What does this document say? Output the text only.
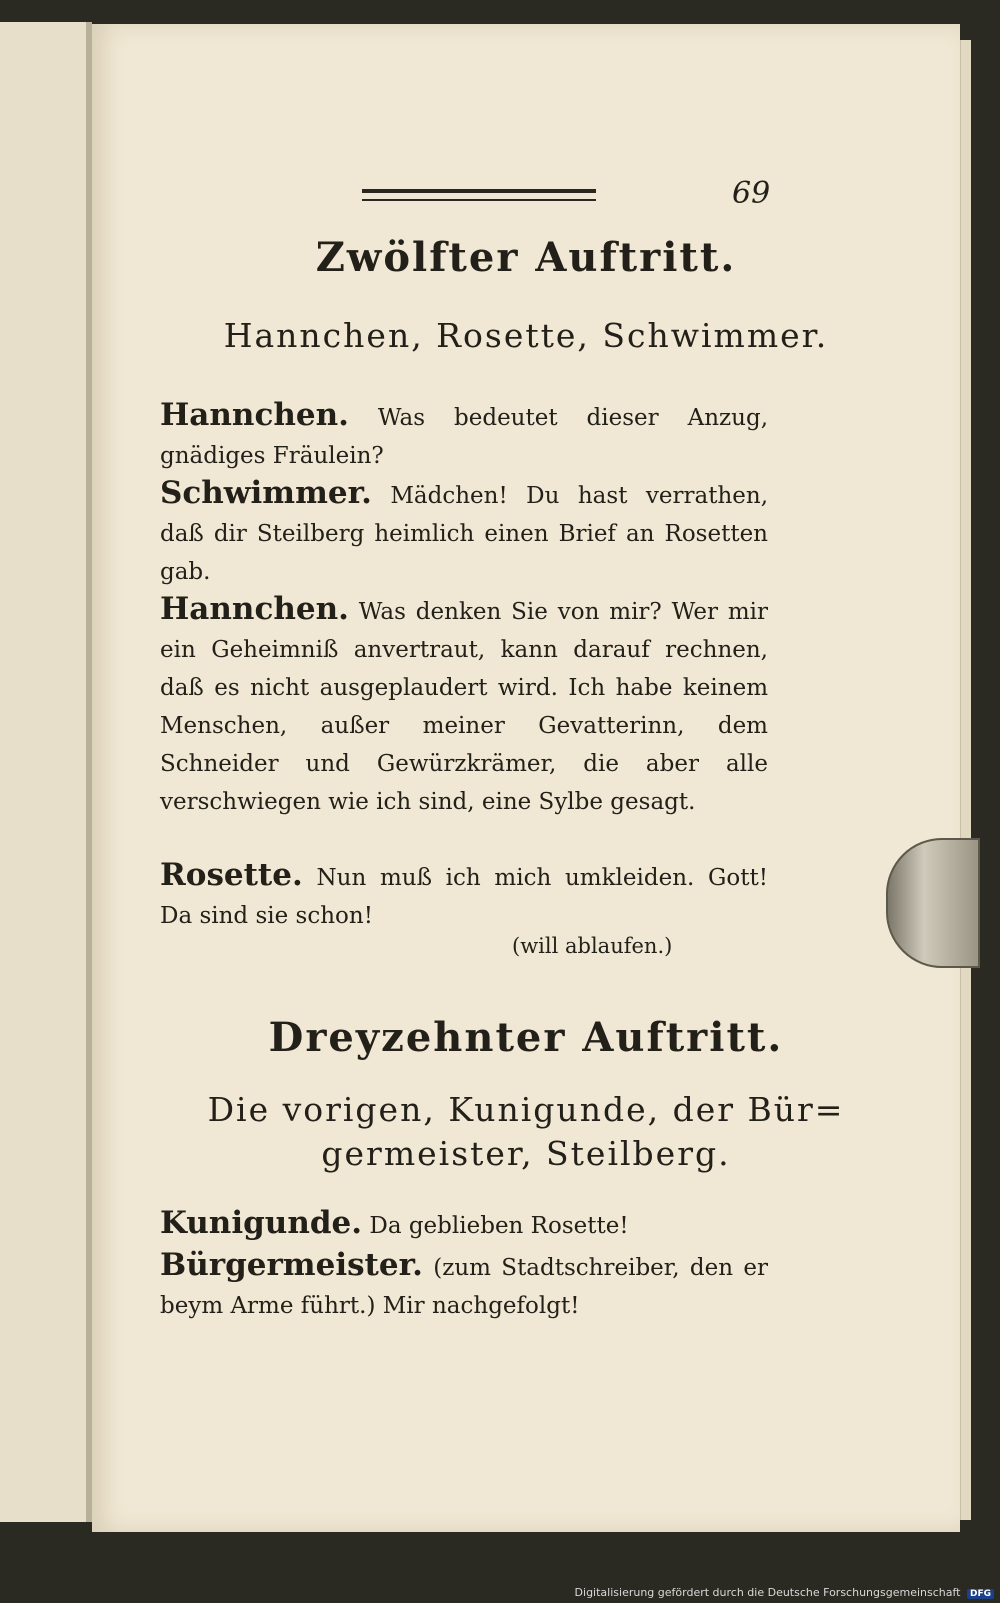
69
Zwölfter Auftritt.
Hannchen, Rosette, Schwimmer.
Hannchen. Was bedeutet dieser Anzug, gnädiges Fräulein?
Schwimmer. Mädchen! Du hast verrathen, daß dir Steilberg heimlich einen Brief an Rosetten gab.
Hannchen. Was denken Sie von mir? Wer mir ein Geheimniß anvertraut, kann darauf rechnen, daß es nicht ausgeplaudert wird. Ich habe keinem Menschen, außer meiner Gevatterinn, dem Schneider und Gewürzkrämer, die aber alle verschwiegen wie ich sind, eine Sylbe gesagt.
Rosette. Nun muß ich mich umkleiden. Gott! Da sind sie schon!
(will ablaufen.)
Dreyzehnter Auftritt.
Die vorigen, Kunigunde, der Bür=
germeister, Steilberg.
Kunigunde. Da geblieben Rosette!
Bürgermeister. (zum Stadtschreiber, den er beym Arme führt.) Mir nachgefolgt!
Digitalisierung gefördert durch die Deutsche Forschungsgemeinschaft DFG
